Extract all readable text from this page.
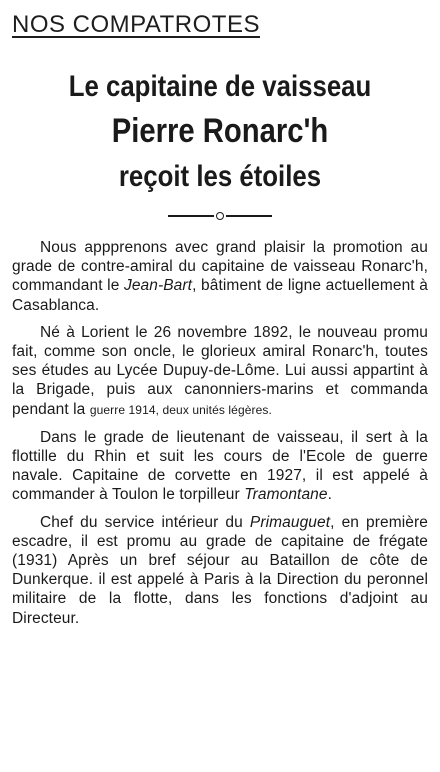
NOS COMPATROTES
Le capitaine de vaisseau
Pierre Ronarc'h
reçoit les étoiles

Nous appprenons avec grand plaisir la promotion au grade de contre-amiral du capitaine de vaisseau Ronarc'h, commandant le Jean-Bart, bâtiment de ligne actuellement à Casablanca.

Né à Lorient le 26 novembre 1892, le nouveau promu fait, comme son oncle, le glorieux amiral Ronarc'h, toutes ses études au Lycée Dupuy-de-Lôme. Lui aussi appartint à la Brigade, puis aux canonniers-marins et commanda pendant la guerre 1914, deux unités légères.

Dans le grade de lieutenant de vaisseau, il sert à la flottille du Rhin et suit les cours de l'Ecole de guerre navale. Capitaine de corvette en 1927, il est appelé à commander à Toulon le torpilleur Tramontane.

Chef du service intérieur du Primauguet, en première escadre, il est promu au grade de capitaine de frégate (1931) Après un bref séjour au Bataillon de côte de Dunkerque. il est appelé à Paris à la Direction du peronnel militaire de la flotte, dans les fonctions d'adjoint au Directeur.
